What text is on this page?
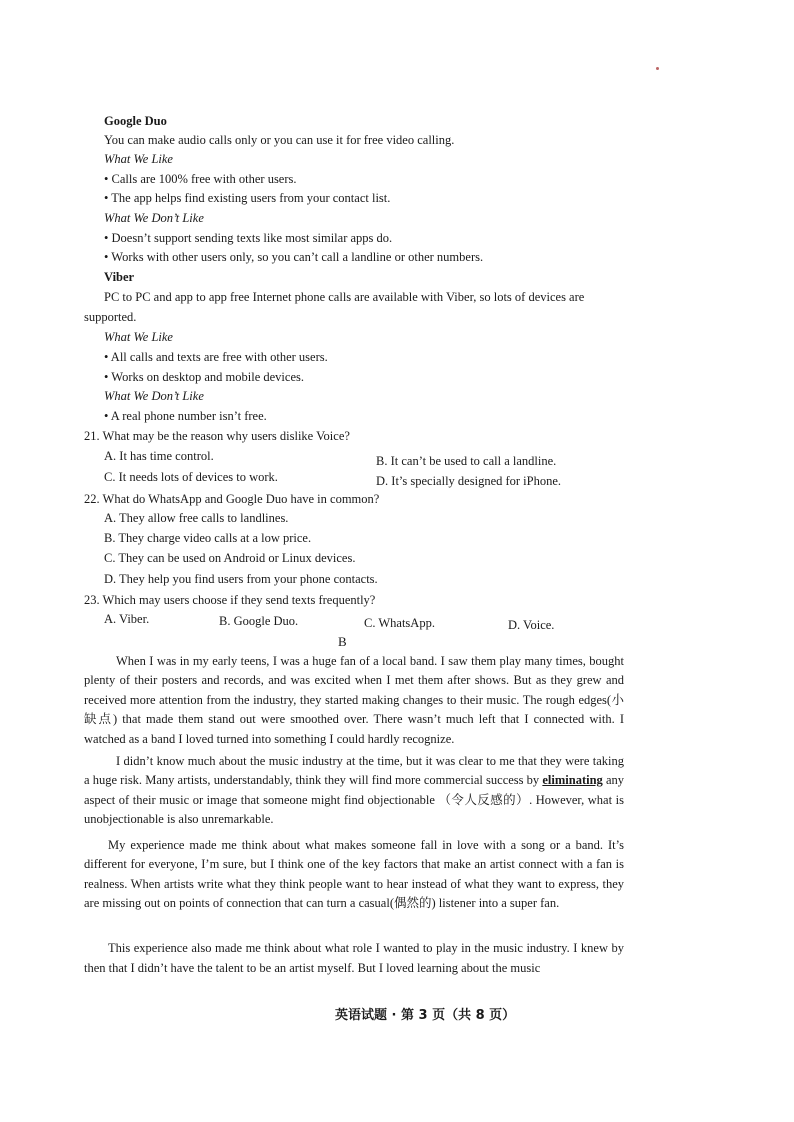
Google Duo
You can make audio calls only or you can use it for free video calling.
What We Like
• Calls are 100% free with other users.
• The app helps find existing users from your contact list.
What We Don’t Like
• Doesn’t support sending texts like most similar apps do.
• Works with other users only, so you can’t call a landline or other numbers.
Viber
PC to PC and app to app free Internet phone calls are available with Viber, so lots of devices are
supported.
What We Like
• All calls and texts are free with other users.
• Works on desktop and mobile devices.
What We Don’t Like
• A real phone number isn’t free.
21. What may be the reason why users dislike Voice?
A. It has time control.	B. It can’t be used to call a landline.
C. It needs lots of devices to work.	D. It’s specially designed for iPhone.
22. What do WhatsApp and Google Duo have in common?
A. They allow free calls to landlines.
B. They charge video calls at a low price.
C. They can be used on Android or Linux devices.
D. They help you find users from your phone contacts.
23. Which may users choose if they send texts frequently?
A. Viber.	B. Google Duo.	C. WhatsApp.	D. Voice.
B
When I was in my early teens, I was a huge fan of a local band. I saw them play many times, bought plenty of their posters and records, and was excited when I met them after shows. But as they grew and received more attention from the industry, they started making changes to their music. The rough edges(小缺点) that made them stand out were smoothed over. There wasn’t much left that I connected with. I watched as a band I loved turned into something I could hardly recognize.
I didn’t know much about the music industry at the time, but it was clear to me that they were taking a huge risk. Many artists, understandably, think they will find more commercial success by eliminating any aspect of their music or image that someone might find objectionable （令人反感的）. However, what is unobjectionable is also unremarkable.
My experience made me think about what makes someone fall in love with a song or a band. It’s different for everyone, I’m sure, but I think one of the key factors that make an artist connect with a fan is realness. When artists write what they think people want to hear instead of what they want to express, they are missing out on points of connection that can turn a casual(偶然的) listener into a super fan.
This experience also made me think about what role I wanted to play in the music industry. I knew by then that I didn’t have the talent to be an artist myself. But I loved learning about the music
英语试题 · 第 3 页（共 8 页）
